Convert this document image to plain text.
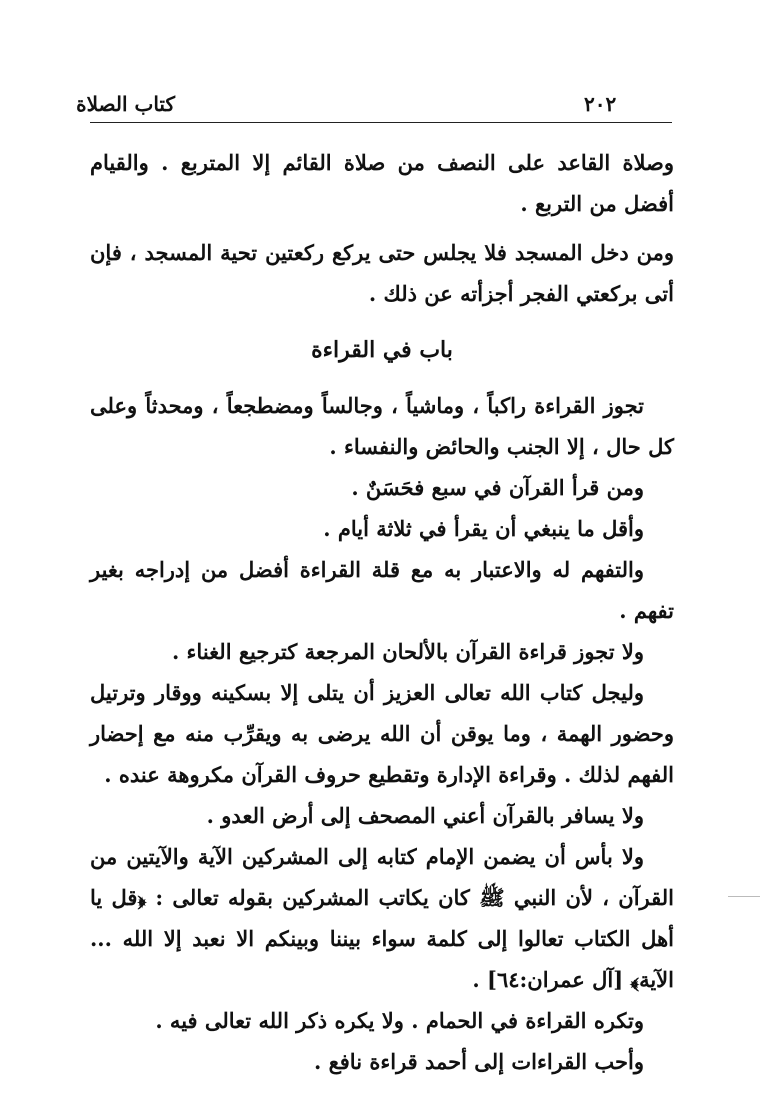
كتاب الصلاة	٢٠٢

وصلاة القاعد على النصف من صلاة القائم إلا المتربع . والقيام أفضل من التربع .

ومن دخل المسجد فلا يجلس حتى يركع ركعتين تحية المسجد ، فإن أتى بركعتي الفجر أجزأته عن ذلك .

باب في القراءة

تجوز القراءة راكباً ، وماشياً ، وجالساً ومضطجعاً ، ومحدثاً وعلى كل حال ، إلا الجنب والحائض والنفساء .

ومن قرأ القرآن في سبع فحَسَنٌ .

وأقل ما ينبغي أن يقرأ في ثلاثة أيام .

والتفهم له والاعتبار به مع قلة القراءة أفضل من إدراجه بغير تفهم .

ولا تجوز قراءة القرآن بالألحان المرجعة كترجيع الغناء .

وليجل كتاب الله تعالى العزيز أن يتلى إلا بسكينه ووقار وترتيل وحضور الهمة ، وما يوقن أن الله يرضى به ويقرِّب منه مع إحضار الفهم لذلك . وقراءة الإدارة وتقطيع حروف القرآن مكروهة عنده .

ولا يسافر بالقرآن أعني المصحف إلى أرض العدو .

ولا بأس أن يضمن الإمام كتابه إلى المشركين الآية والآيتين من القرآن ، لأن النبي ﷺ كان يكاتب المشركين بقوله تعالى : ﴿قل يا أهل الكتاب تعالوا إلى كلمة سواء بيننا وبينكم الا نعبد إلا الله ... الآية﴾ [آل عمران:٦٤] .

وتكره القراءة في الحمام . ولا يكره ذكر الله تعالى فيه .

وأحب القراءات إلى أحمد قراءة نافع .
